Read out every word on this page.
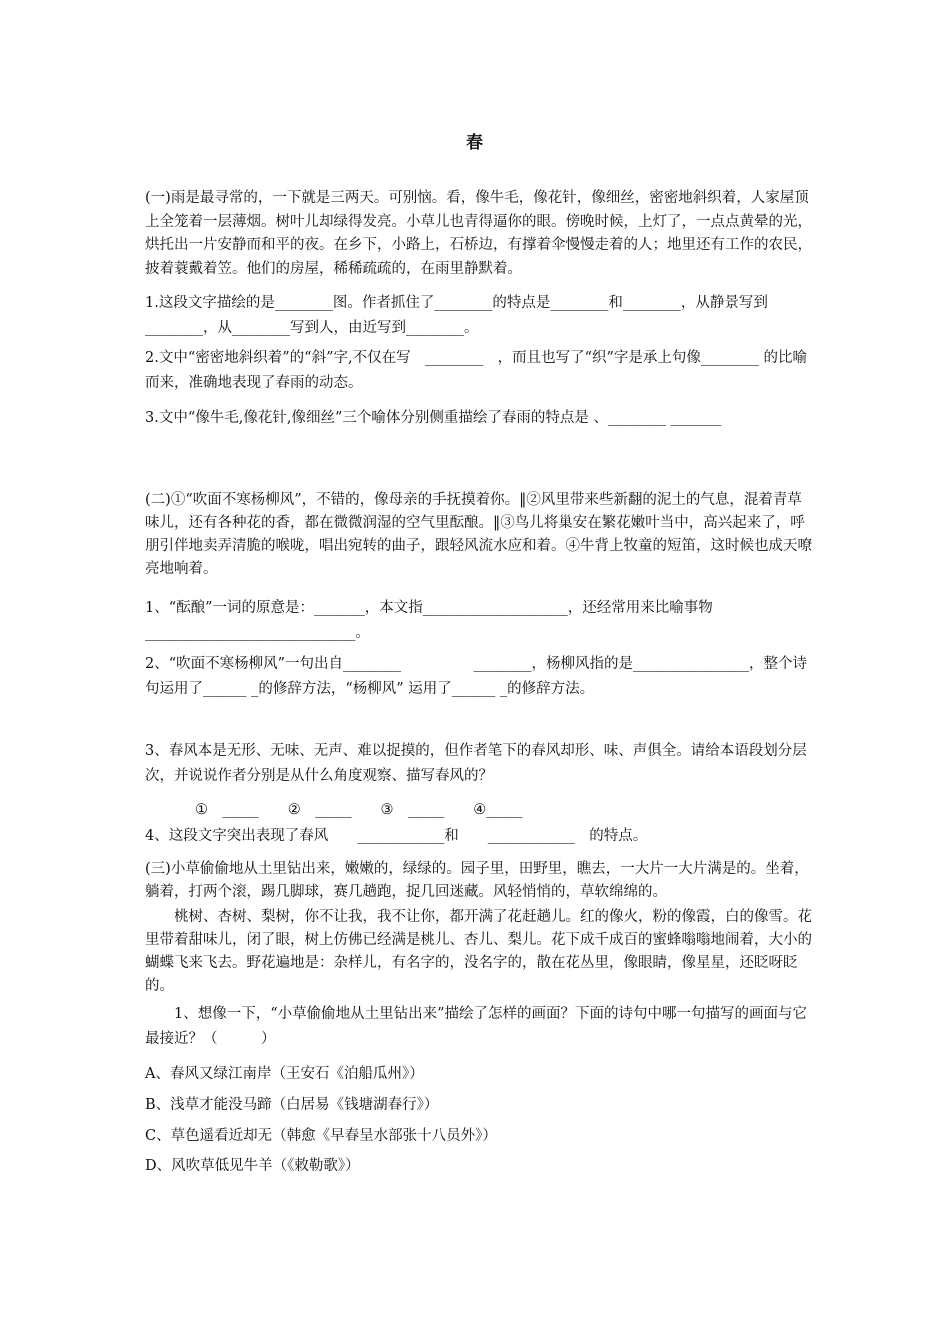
春

(一)雨是最寻常的，一下就是三两天。可别恼。看，像牛毛，像花针，像细丝，密密地斜织着，人家屋顶上全笼着一层薄烟。树叶儿却绿得发亮。小草儿也青得逼你的眼。傍晚时候，上灯了，一点点黄晕的光，烘托出一片安静而和平的夜。在乡下，小路上，石桥边，有撑着伞慢慢走着的人；地里还有工作的农民，披着蓑戴着笠。他们的房屋，稀稀疏疏的，在雨里静默着。

1.这段文字描绘的是________图。作者抓住了________的特点是________和________，从静景写到________，从________写到人，由近写到________。
2.文中“密密地斜织着”的“斜”字,不仅在写　________　，而且也写了“织”字是承上句像________ 的比喻而来，准确地表现了春雨的动态。
3.文中“像牛毛,像花针,像细丝”三个喻体分别侧重描绘了春雨的特点是 、________ _______

(二)①“吹面不寒杨柳风”，不错的，像母亲的手抚摸着你。‖②风里带来些新翻的泥土的气息，混着青草味儿，还有各种花的香，都在微微润湿的空气里酝酿。‖③鸟儿将巢安在繁花嫩叶当中，高兴起来了，呼朋引伴地卖弄清脆的喉咙，唱出宛转的曲子，跟轻风流水应和着。④牛背上牧童的短笛，这时候也成天嘹亮地响着。

1、“酝酿”一词的原意是：_______，本文指____________________，还经常用来比喻事物_____________________________。
2、“吹面不寒杨柳风”一句出自________　　　　　________，杨柳风指的是________________，整个诗句运用了______ _的修辞方法，“杨柳风” 运用了______ _的修辞方法。
3、春风本是无形、无味、无声、难以捉摸的，但作者笔下的春风却形、味、声俱全。请给本语段划分层次，并说说作者分别是从什么角度观察、描写春风的？
①　_____　　②　_____　　③　_____　　④_____
4、这段文字突出表现了春风　　____________和　　____________　的特点。

(三)小草偷偷地从土里钻出来，嫩嫩的，绿绿的。园子里，田野里，瞧去，一大片一大片满是的。坐着，躺着，打两个滚，踢几脚球，赛几趟跑，捉几回迷藏。风轻悄悄的，草软绵绵的。

桃树、杏树、梨树，你不让我，我不让你，都开满了花赶趟儿。红的像火，粉的像霞，白的像雪。花里带着甜味儿，闭了眼，树上仿佛已经满是桃儿、杏儿、梨儿。花下成千成百的蜜蜂嗡嗡地闹着，大小的蝴蝶飞来飞去。野花遍地是：杂样儿，有名字的，没名字的，散在花丛里，像眼睛，像星星，还眨呀眨的。

1、想像一下，“小草偷偷地从土里钻出来”描绘了怎样的画面？下面的诗句中哪一句描写的画面与它最接近？（　　　）
A、春风又绿江南岸（王安石《泊船瓜州》）
B、浅草才能没马蹄（白居易《钱塘湖春行》）
C、草色遥看近却无（韩愈《早春呈水部张十八员外》）
D、风吹草低见牛羊（《敕勒歌》）
